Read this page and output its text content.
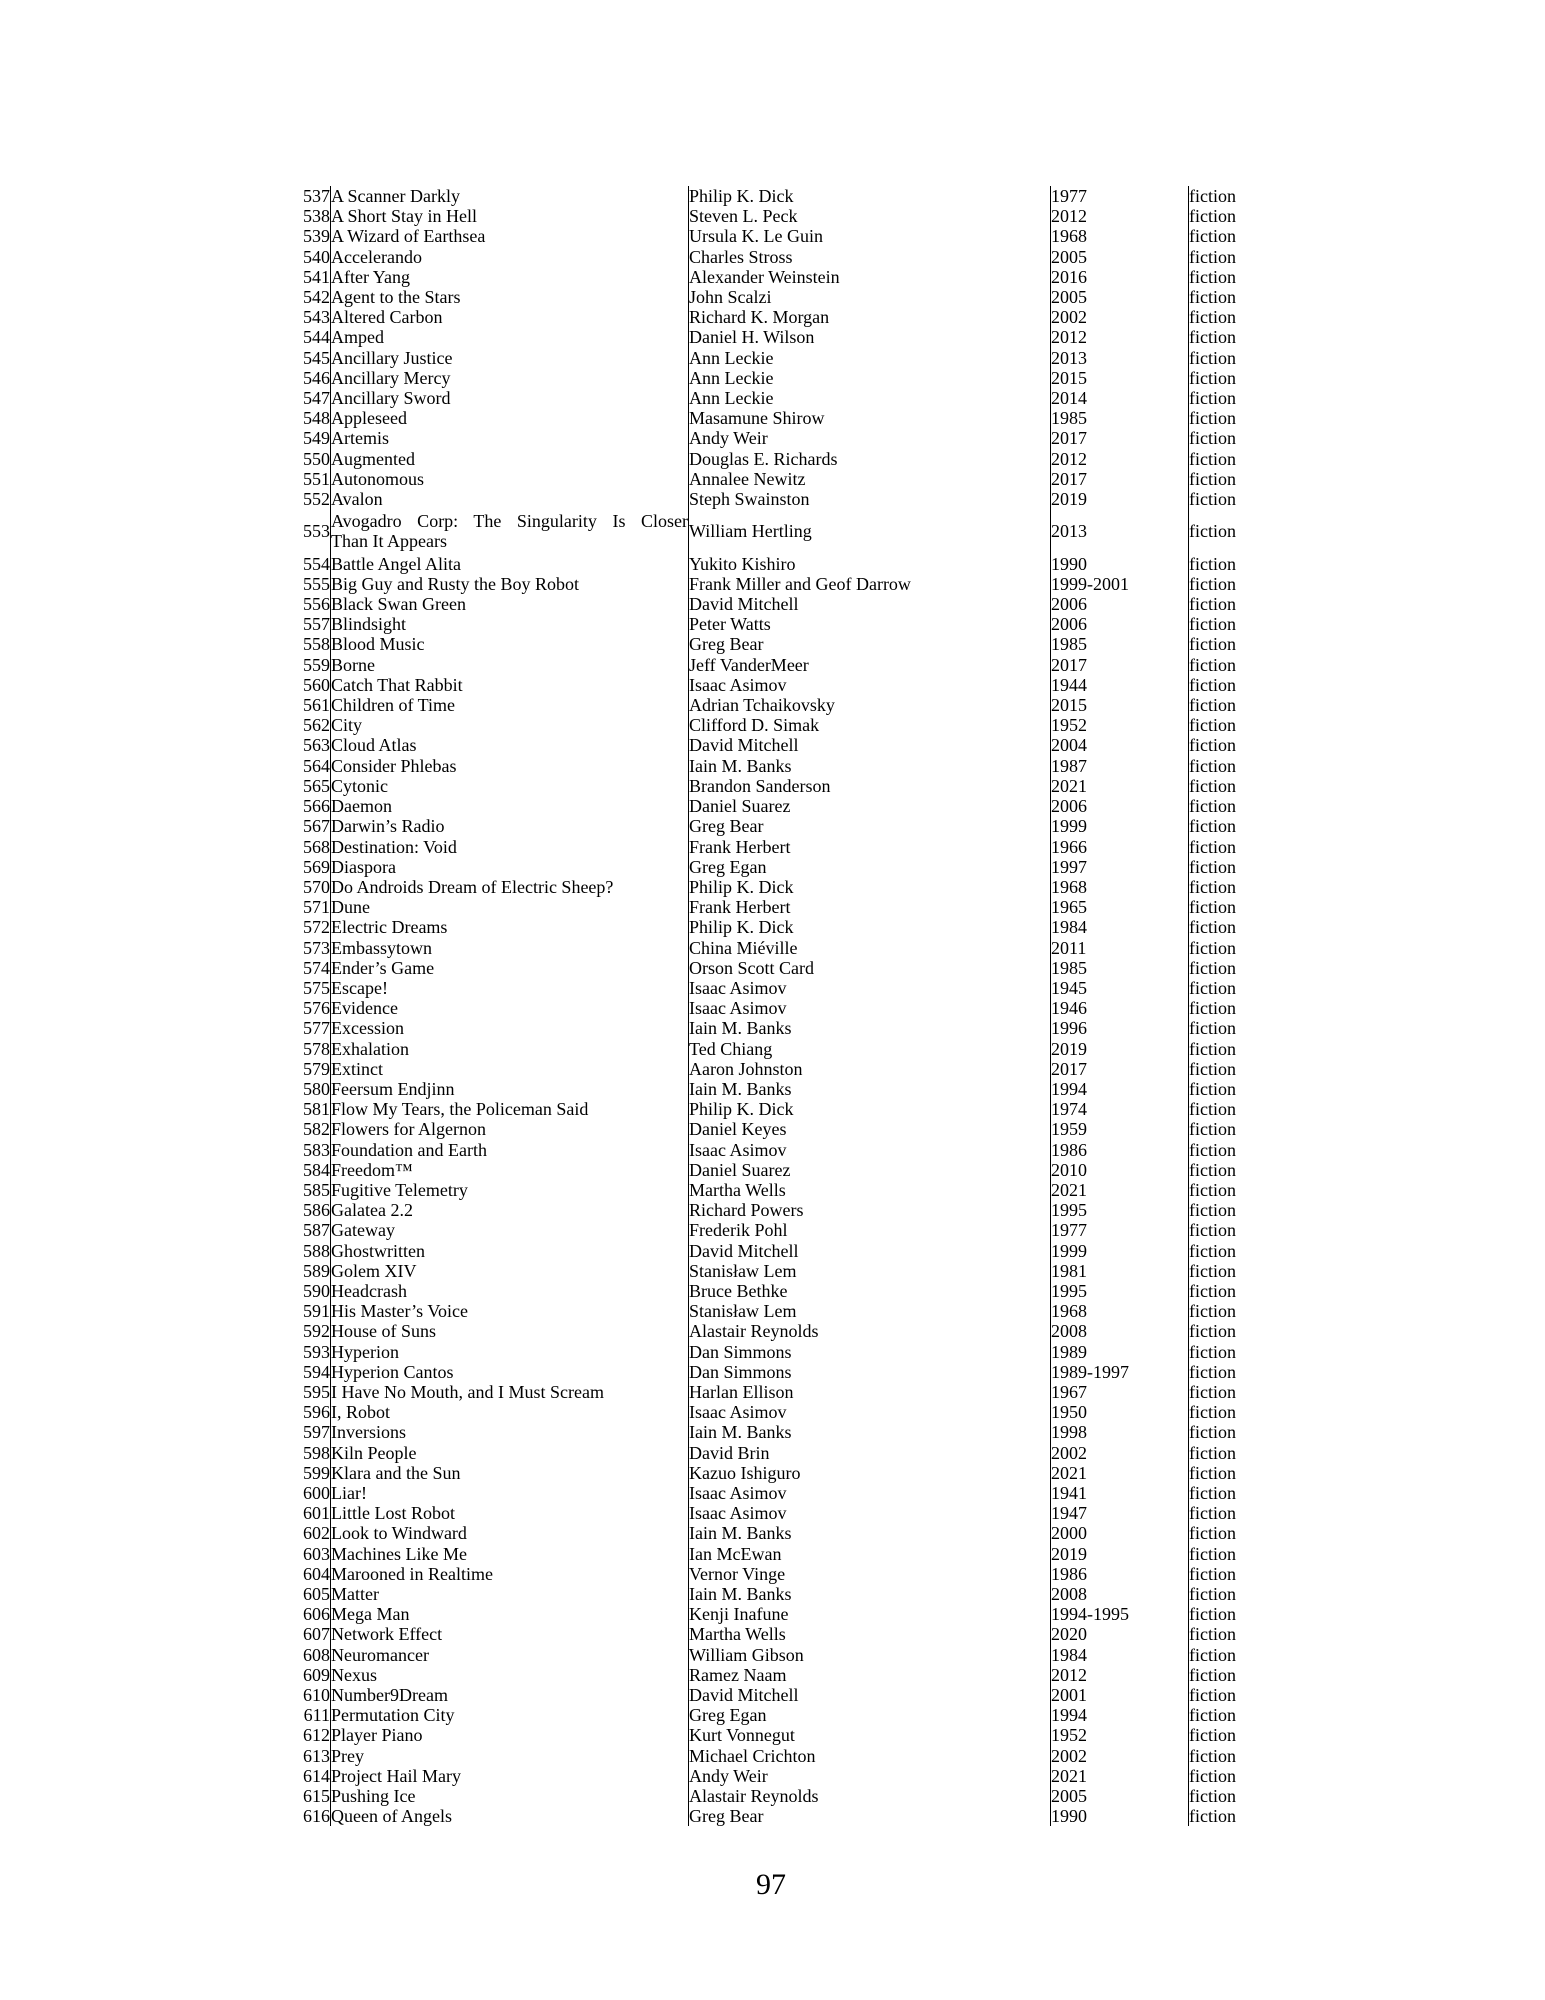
537	A Scanner Darkly	Philip K. Dick	1977	fiction
538	A Short Stay in Hell	Steven L. Peck	2012	fiction
539	A Wizard of Earthsea	Ursula K. Le Guin	1968	fiction
540	Accelerando	Charles Stross	2005	fiction
541	After Yang	Alexander Weinstein	2016	fiction
542	Agent to the Stars	John Scalzi	2005	fiction
543	Altered Carbon	Richard K. Morgan	2002	fiction
544	Amped	Daniel H. Wilson	2012	fiction
545	Ancillary Justice	Ann Leckie	2013	fiction
546	Ancillary Mercy	Ann Leckie	2015	fiction
547	Ancillary Sword	Ann Leckie	2014	fiction
548	Appleseed	Masamune Shirow	1985	fiction
549	Artemis	Andy Weir	2017	fiction
550	Augmented	Douglas E. Richards	2012	fiction
551	Autonomous	Annalee Newitz	2017	fiction
552	Avalon	Steph Swainston	2019	fiction
553	Avogadro Corp: The Singularity Is Closer
Than It Appears	William Hertling	2013	fiction
554	Battle Angel Alita	Yukito Kishiro	1990	fiction
555	Big Guy and Rusty the Boy Robot	Frank Miller and Geof Darrow	1999-2001	fiction
556	Black Swan Green	David Mitchell	2006	fiction
557	Blindsight	Peter Watts	2006	fiction
558	Blood Music	Greg Bear	1985	fiction
559	Borne	Jeff VanderMeer	2017	fiction
560	Catch That Rabbit	Isaac Asimov	1944	fiction
561	Children of Time	Adrian Tchaikovsky	2015	fiction
562	City	Clifford D. Simak	1952	fiction
563	Cloud Atlas	David Mitchell	2004	fiction
564	Consider Phlebas	Iain M. Banks	1987	fiction
565	Cytonic	Brandon Sanderson	2021	fiction
566	Daemon	Daniel Suarez	2006	fiction
567	Darwin’s Radio	Greg Bear	1999	fiction
568	Destination: Void	Frank Herbert	1966	fiction
569	Diaspora	Greg Egan	1997	fiction
570	Do Androids Dream of Electric Sheep?	Philip K. Dick	1968	fiction
571	Dune	Frank Herbert	1965	fiction
572	Electric Dreams	Philip K. Dick	1984	fiction
573	Embassytown	China Miéville	2011	fiction
574	Ender’s Game	Orson Scott Card	1985	fiction
575	Escape!	Isaac Asimov	1945	fiction
576	Evidence	Isaac Asimov	1946	fiction
577	Excession	Iain M. Banks	1996	fiction
578	Exhalation	Ted Chiang	2019	fiction
579	Extinct	Aaron Johnston	2017	fiction
580	Feersum Endjinn	Iain M. Banks	1994	fiction
581	Flow My Tears, the Policeman Said	Philip K. Dick	1974	fiction
582	Flowers for Algernon	Daniel Keyes	1959	fiction
583	Foundation and Earth	Isaac Asimov	1986	fiction
584	Freedom™	Daniel Suarez	2010	fiction
585	Fugitive Telemetry	Martha Wells	2021	fiction
586	Galatea 2.2	Richard Powers	1995	fiction
587	Gateway	Frederik Pohl	1977	fiction
588	Ghostwritten	David Mitchell	1999	fiction
589	Golem XIV	Stanisław Lem	1981	fiction
590	Headcrash	Bruce Bethke	1995	fiction
591	His Master’s Voice	Stanisław Lem	1968	fiction
592	House of Suns	Alastair Reynolds	2008	fiction
593	Hyperion	Dan Simmons	1989	fiction
594	Hyperion Cantos	Dan Simmons	1989-1997	fiction
595	I Have No Mouth, and I Must Scream	Harlan Ellison	1967	fiction
596	I, Robot	Isaac Asimov	1950	fiction
597	Inversions	Iain M. Banks	1998	fiction
598	Kiln People	David Brin	2002	fiction
599	Klara and the Sun	Kazuo Ishiguro	2021	fiction
600	Liar!	Isaac Asimov	1941	fiction
601	Little Lost Robot	Isaac Asimov	1947	fiction
602	Look to Windward	Iain M. Banks	2000	fiction
603	Machines Like Me	Ian McEwan	2019	fiction
604	Marooned in Realtime	Vernor Vinge	1986	fiction
605	Matter	Iain M. Banks	2008	fiction
606	Mega Man	Kenji Inafune	1994-1995	fiction
607	Network Effect	Martha Wells	2020	fiction
608	Neuromancer	William Gibson	1984	fiction
609	Nexus	Ramez Naam	2012	fiction
610	Number9Dream	David Mitchell	2001	fiction
611	Permutation City	Greg Egan	1994	fiction
612	Player Piano	Kurt Vonnegut	1952	fiction
613	Prey	Michael Crichton	2002	fiction
614	Project Hail Mary	Andy Weir	2021	fiction
615	Pushing Ice	Alastair Reynolds	2005	fiction
616	Queen of Angels	Greg Bear	1990	fiction
97
